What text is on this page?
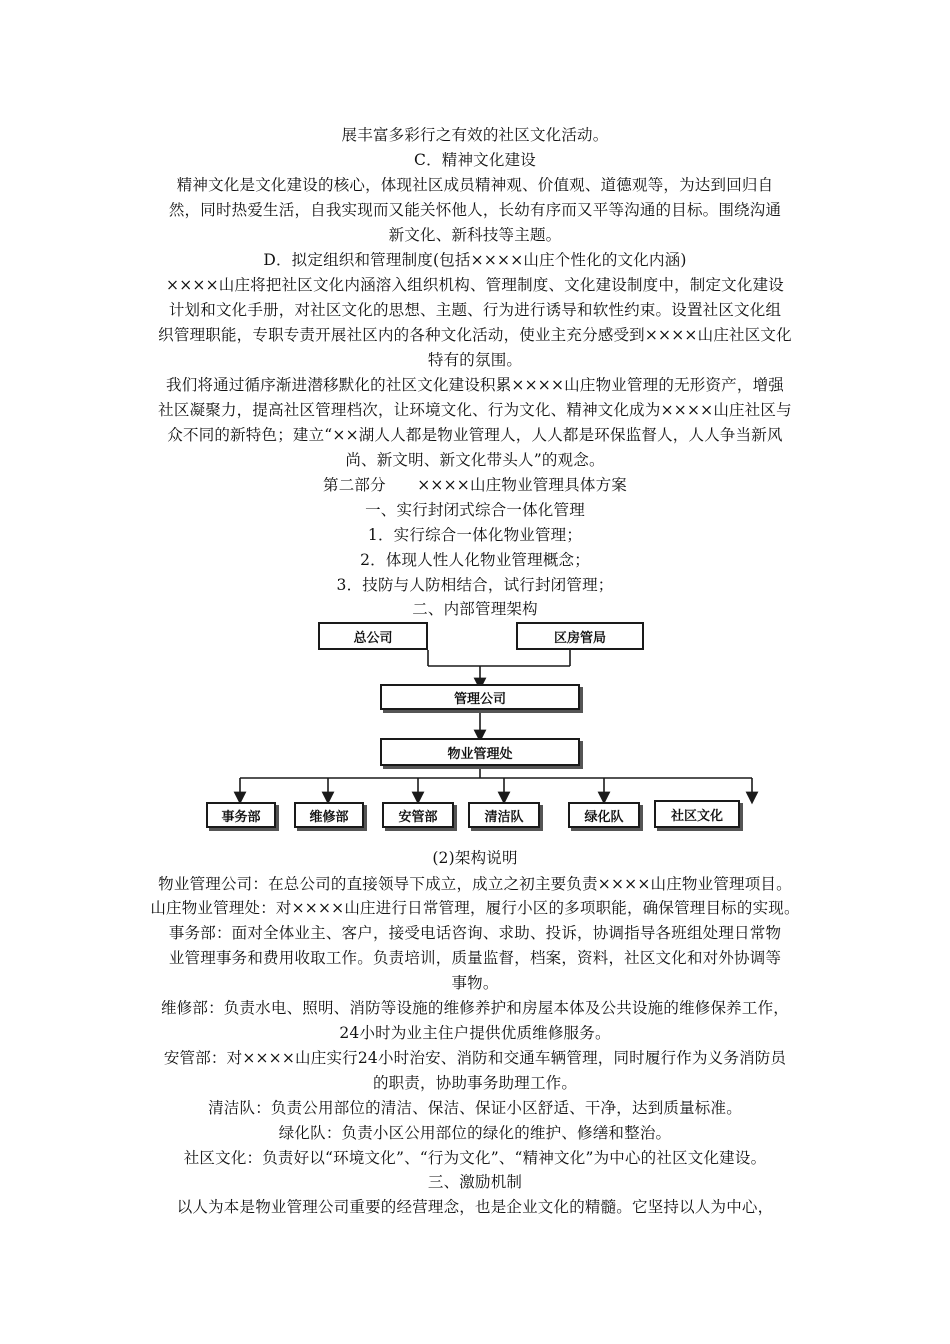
展丰富多彩行之有效的社区文化活动。
C．精神文化建设
精神文化是文化建设的核心，体现社区成员精神观、价值观、道德观等，为达到回归自
然，同时热爱生活，自我实现而又能关怀他人，长幼有序而又平等沟通的目标。围绕沟通
新文化、新科技等主题。
D．拟定组织和管理制度(包括××××山庄个性化的文化内涵)
××××山庄将把社区文化内涵溶入组织机构、管理制度、文化建设制度中，制定文化建设
计划和文化手册，对社区文化的思想、主题、行为进行诱导和软性约束。设置社区文化组
织管理职能，专职专责开展社区内的各种文化活动，使业主充分感受到××××山庄社区文化
特有的氛围。
我们将通过循序渐进潜移默化的社区文化建设积累××××山庄物业管理的无形资产，增强
社区凝聚力，提高社区管理档次，让环境文化、行为文化、精神文化成为××××山庄社区与
众不同的新特色；建立“××湖人人都是物业管理人，人人都是环保监督人，人人争当新风
尚、新文明、新文化带头人”的观念。
第二部分　　××××山庄物业管理具体方案
一、实行封闭式综合一体化管理
1．实行综合一体化物业管理；
2．体现人性人化物业管理概念；
3．技防与人防相结合，试行封闭管理；
二、内部管理架构
总公司	区房管局
管理公司
物业管理处
事务部	维修部	安管部	清洁队	绿化队	社区文化
(2)架构说明
物业管理公司：在总公司的直接领导下成立，成立之初主要负责××××山庄物业管理项目。
山庄物业管理处：对××××山庄进行日常管理，履行小区的多项职能，确保管理目标的实现。
事务部：面对全体业主、客户，接受电话咨询、求助、投诉，协调指导各班组处理日常物
业管理事务和费用收取工作。负责培训，质量监督，档案，资料，社区文化和对外协调等
事物。
维修部：负责水电、照明、消防等设施的维修养护和房屋本体及公共设施的维修保养工作，
24小时为业主住户提供优质维修服务。
安管部：对××××山庄实行24小时治安、消防和交通车辆管理，同时履行作为义务消防员
的职责，协助事务助理工作。
清洁队：负责公用部位的清洁、保洁、保证小区舒适、干净，达到质量标准。
绿化队：负责小区公用部位的绿化的维护、修缮和整治。
社区文化：负责好以“环境文化”、“行为文化”、“精神文化”为中心的社区文化建设。
三、激励机制
以人为本是物业管理公司重要的经营理念，也是企业文化的精髓。它坚持以人为中心，
